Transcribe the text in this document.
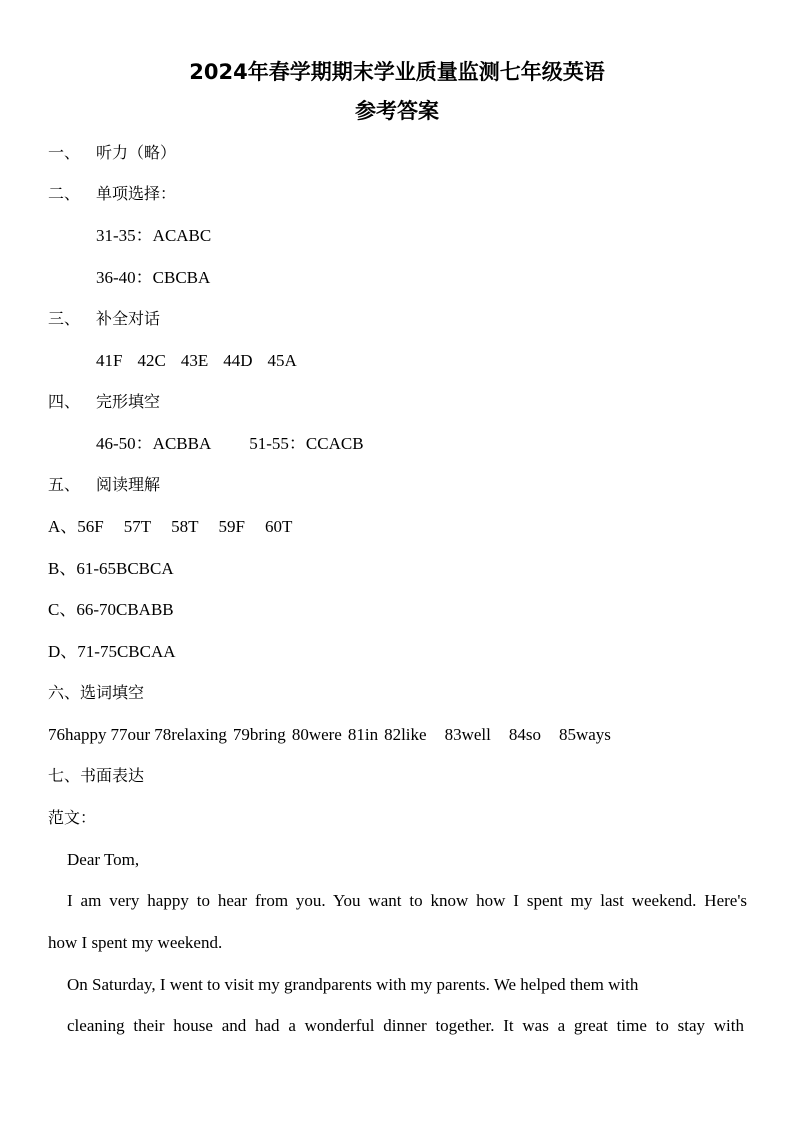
2024年春学期期末学业质量监测七年级英语
参考答案
一、 听力（略）
二、 单项选择：
31-35：ACABC
36-40：CBCBA
三、 补全对话
41F 42C 43E 44D 45A
四、 完形填空
46-50：ACBBA 51-55：CCACB
五、 阅读理解
A、56F 57T 58T 59F 60T
B、61-65BCBCA
C、66-70CBABB
D、71-75CBCAA
六、选词填空
76happy 77our 78relaxing 79bring 80were 81in 82like 83well 84so 85ways
七、书面表达
范文：
Dear Tom,
I am very happy to hear from you. You want to know how I spent my last weekend. Here's
how I spent my weekend.
On Saturday, I went to visit my grandparents with my parents. We helped them with
cleaning their house and had a wonderful dinner together. It was a great time to stay with
